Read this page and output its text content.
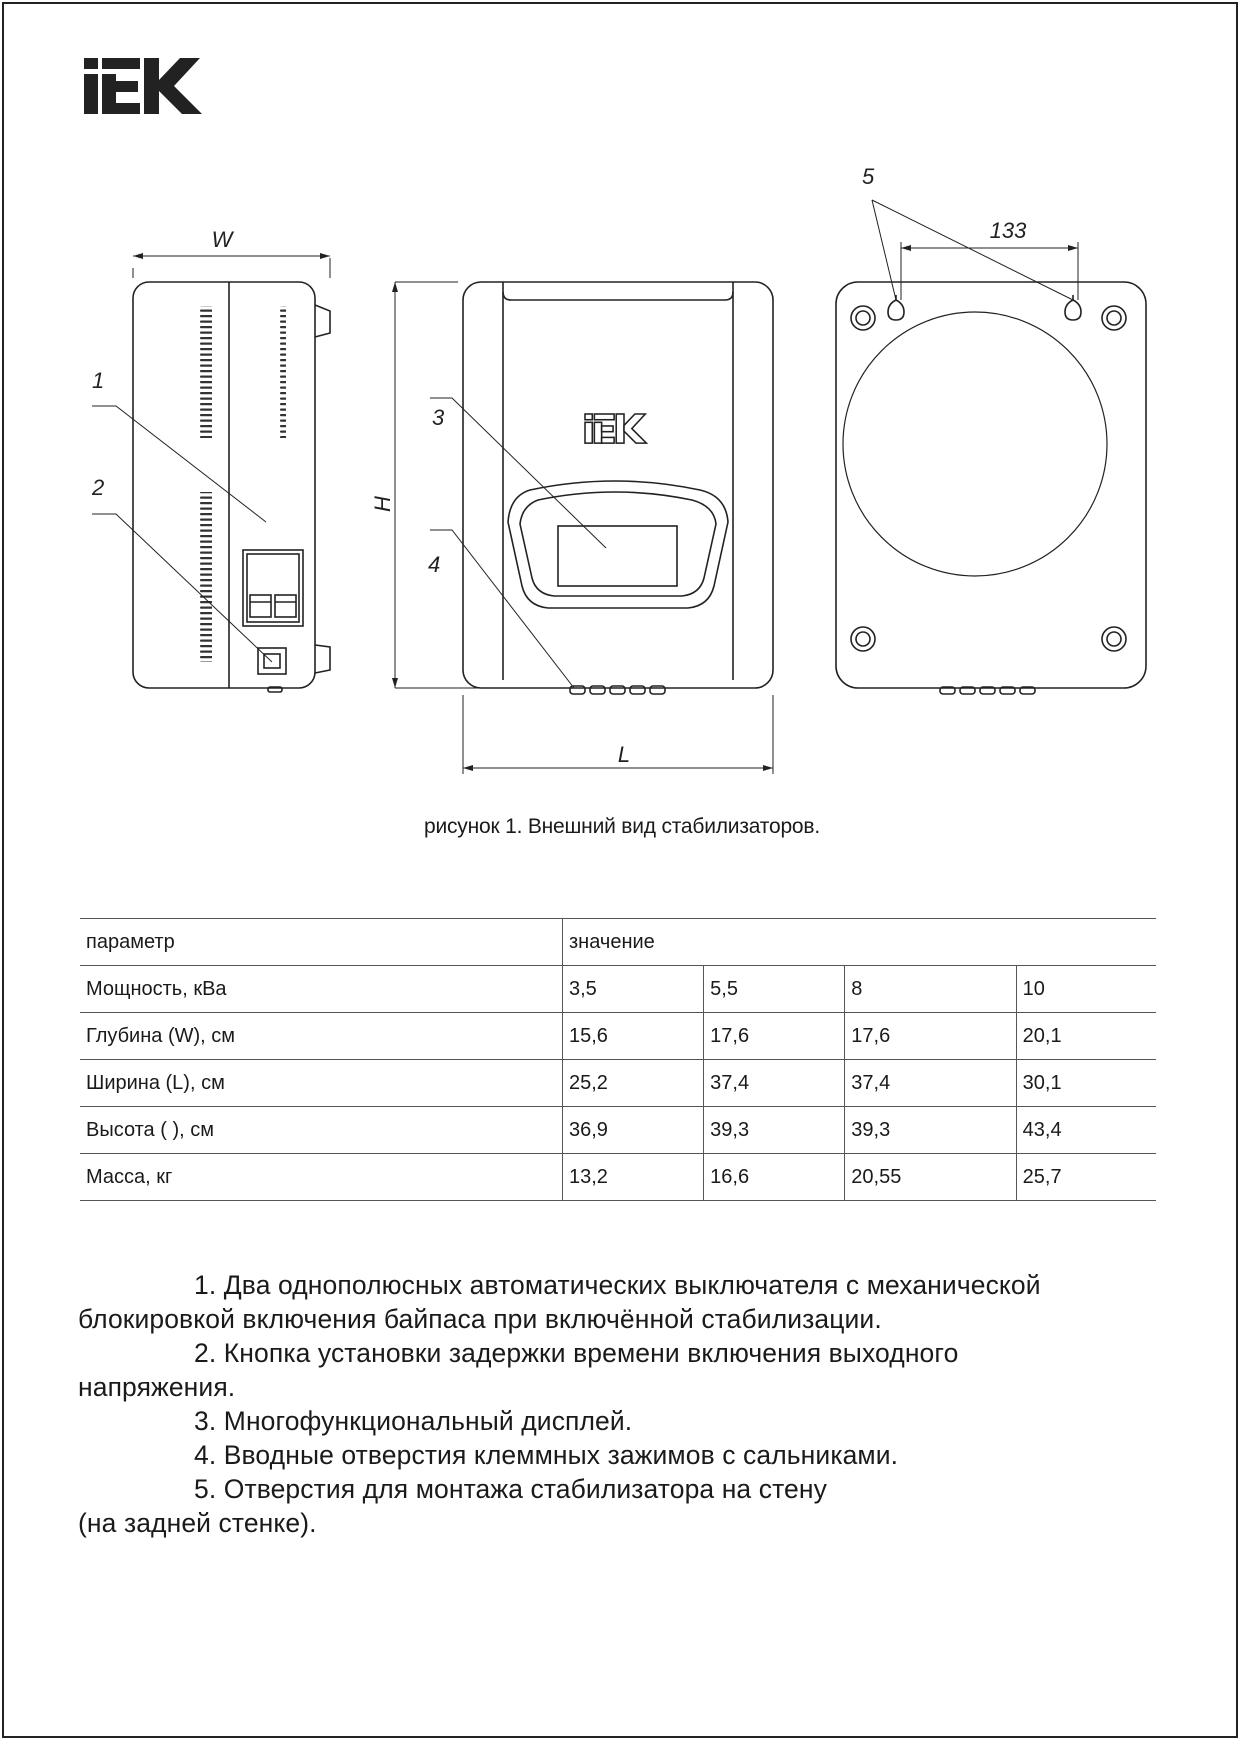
W
1
2
H
L
3
4
133
5
рисунок 1. Внешний вид стабилизаторов.
параметр	значение			
Мощность, кВа	3,5	5,5	8	10
Глубина (W), см	15,6	17,6	17,6	20,1
Ширина (L), см	25,2	37,4	37,4	30,1
Высота ( ), см	36,9	39,3	39,3	43,4
Масса, кг	13,2	16,6	20,55	25,7

1. Два однополюсных автоматических выключателя с механической

блокировкой включения байпаса при включённой стабилизации.

2. Кнопка установки задержки времени включения выходного

напряжения.

3. Многофункциональный дисплей.

4. Вводные отверстия клеммных зажимов с сальниками.

5. Отверстия для монтажа стабилизатора на стену

(на задней стенке).
